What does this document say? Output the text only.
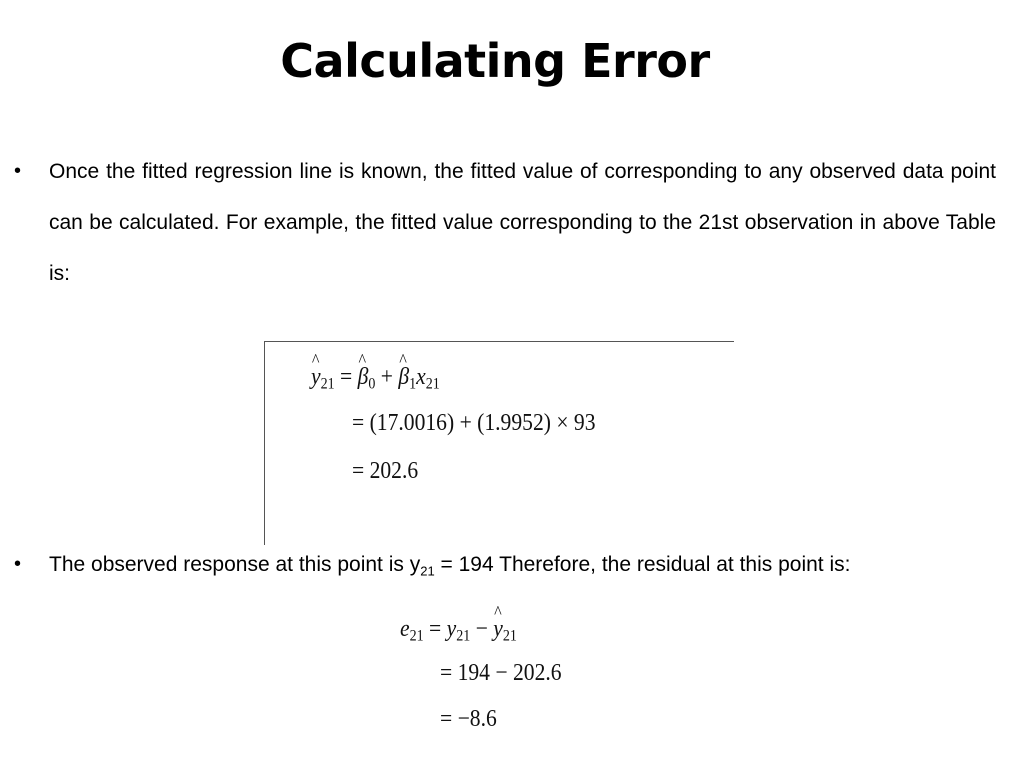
Calculating Error
• Once the fitted regression line is known, the fitted value of corresponding to any observed data point can be calculated. For example, the fitted value corresponding to the 21st observation in above Table is:
^ $y_{21}$ = ^ $\beta_0$ + ^ $\beta_1x_{21}$
= (17.0016) + (1.9952) × 93
= 202.6
• The observed response at this point is $y_{21} = 194$ Therefore, the residual at this point is:
$e_{21} = y_{21}$ − ^ $y_{21}$
= 194 − 202.6
= −8.6
